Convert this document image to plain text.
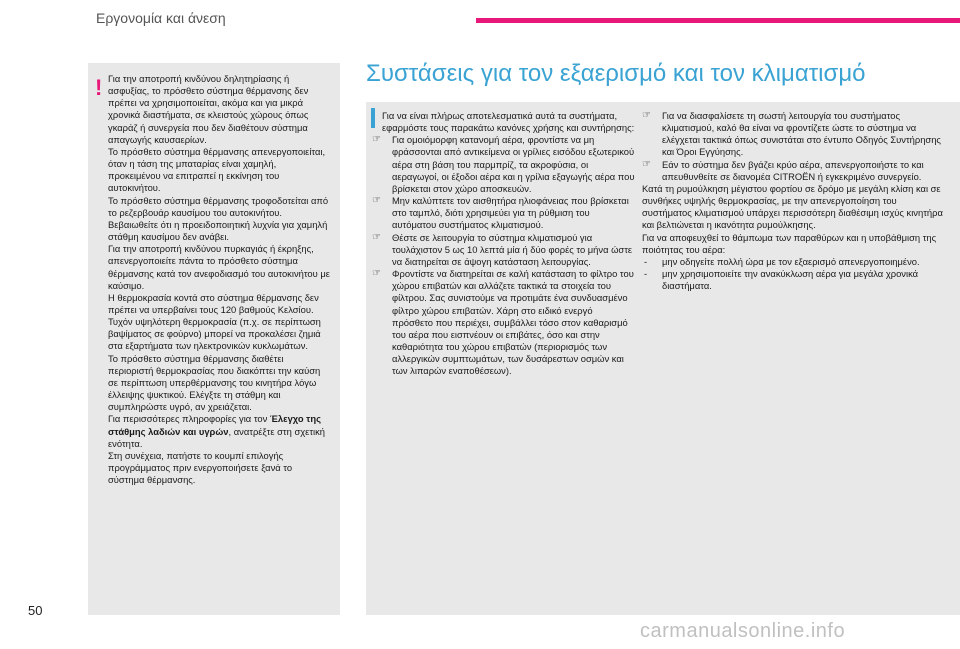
Εργονομία και άνεση
! Για την αποτροπή κινδύνου δηλητηρίασης ή ασφυξίας, το πρόσθετο σύστημα θέρμανσης δεν πρέπει να χρησιμοποιείται, ακόμα και για μικρά χρονικά διαστήματα, σε κλειστούς χώρους όπως γκαράζ ή συνεργεία που δεν διαθέτουν σύστημα απαγωγής καυσαερίων.

Το πρόσθετο σύστημα θέρμανσης απενεργοποιείται, όταν η τάση της μπαταρίας είναι χαμηλή, προκειμένου να επιτραπεί η εκκίνηση του αυτοκινήτου.

Το πρόσθετο σύστημα θέρμανσης τροφοδοτείται από το ρεζερβουάρ καυσίμου του αυτοκινήτου. Βεβαιωθείτε ότι η προειδοποιητική λυχνία για χαμηλή στάθμη καυσίμου δεν ανάβει.

Για την αποτροπή κινδύνου πυρκαγιάς ή έκρηξης, απενεργοποιείτε πάντα το πρόσθετο σύστημα θέρμανσης κατά τον ανεφοδιασμό του αυτοκινήτου με καύσιμο.

Η θερμοκρασία κοντά στο σύστημα θέρμανσης δεν πρέπει να υπερβαίνει τους 120 βαθμούς Κελσίου. Τυχόν υψηλότερη θερμοκρασία (π.χ. σε περίπτωση βαψίματος σε φούρνο) μπορεί να προκαλέσει ζημιά στα εξαρτήματα των ηλεκτρονικών κυκλωμάτων.

Το πρόσθετο σύστημα θέρμανσης διαθέτει περιοριστή θερμοκρασίας που διακόπτει την καύση σε περίπτωση υπερθέρμανσης του κινητήρα λόγω έλλειψης ψυκτικού. Ελέγξτε τη στάθμη και συμπληρώστε υγρό, αν χρειάζεται.

Για περισσότερες πληροφορίες για τον Έλεγχο της στάθμης λαδιών και υγρών, ανατρέξτε στη σχετική ενότητα.

Στη συνέχεια, πατήστε το κουμπί επιλογής προγράμματος πριν ενεργοποιήσετε ξανά το σύστημα θέρμανσης.

Συστάσεις για τον εξαερισμό και τον κλιματισμό

Για να είναι πλήρως αποτελεσματικά αυτά τα συστήματα, εφαρμόστε τους παρακάτω κανόνες χρήσης και συντήρησης:

☞ Για ομοιόμορφη κατανομή αέρα, φροντίστε να μη φράσσονται από αντικείμενα οι γρίλιες εισόδου εξωτερικού αέρα στη βάση του παρμπρίζ, τα ακροφύσια, οι αεραγωγοί, οι έξοδοι αέρα και η γρίλια εξαγωγής αέρα που βρίσκεται στον χώρο αποσκευών.

☞ Μην καλύπτετε τον αισθητήρα ηλιοφάνειας που βρίσκεται στο ταμπλό, διότι χρησιμεύει για τη ρύθμιση του αυτόματου συστήματος κλιματισμού.

☞ Θέστε σε λειτουργία το σύστημα κλιματισμού για τουλάχιστον 5 ως 10 λεπτά μία ή δύο φορές το μήνα ώστε να διατηρείται σε άψογη κατάσταση λειτουργίας.

☞ Φροντίστε να διατηρείται σε καλή κατάσταση το φίλτρο του χώρου επιβατών και αλλάζετε τακτικά τα στοιχεία του φίλτρου. Σας συνιστούμε να προτιμάτε ένα συνδυασμένο φίλτρο χώρου επιβατών. Χάρη στο ειδικό ενεργό πρόσθετο που περιέχει, συμβάλλει τόσο στον καθαρισμό του αέρα που εισπνέουν οι επιβάτες, όσο και στην καθαριότητα του χώρου επιβατών (περιορισμός των αλλεργικών συμπτωμάτων, των δυσάρεστων οσμών και των λιπαρών εναποθέσεων).

☞ Για να διασφαλίσετε τη σωστή λειτουργία του συστήματος κλιματισμού, καλό θα είναι να φροντίζετε ώστε το σύστημα να ελέγχεται τακτικά όπως συνιστάται στο έντυπο Οδηγός Συντήρησης και Όροι Εγγύησης.

☞ Εάν το σύστημα δεν βγάζει κρύο αέρα, απενεργοποιήστε το και απευθυνθείτε σε διανομέα CITROËN ή εγκεκριμένο συνεργείο.

Κατά τη ρυμούλκηση μέγιστου φορτίου σε δρόμο με μεγάλη κλίση και σε συνθήκες υψηλής θερμοκρασίας, με την απενεργοποίηση του συστήματος κλιματισμού υπάρχει περισσότερη διαθέσιμη ισχύς κινητήρα και βελτιώνεται η ικανότητα ρυμούλκησης.

Για να αποφευχθεί το θάμπωμα των παραθύρων και η υποβάθμιση της ποιότητας του αέρα:

- μην οδηγείτε πολλή ώρα με τον εξαερισμό απενεργοποιημένο.

- μην χρησιμοποιείτε την ανακύκλωση αέρα για μεγάλα χρονικά διαστήματα.

50
carmanualsonline.info
